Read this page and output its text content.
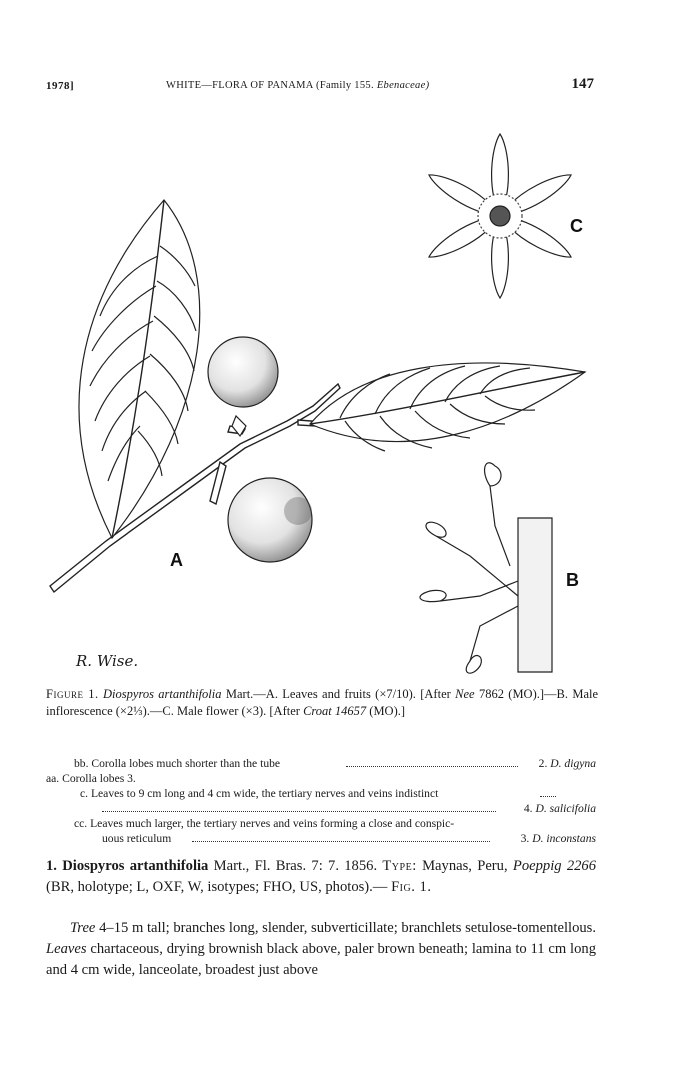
1978]	WHITE—FLORA OF PANAMA (Family 155. Ebenaceae)	147
A
B
C
R. Wise.
Figure 1. Diospyros artanthifolia Mart.—A. Leaves and fruits (×7/10). [After Nee 7862 (MO).]—B. Male inflorescence (×2⅓).—C. Male flower (×3). [After Croat 14657 (MO).]
bb. Corolla lobes much shorter than the tube	2. D. digyna
aa. Corolla lobes 3.
c. Leaves to 9 cm long and 4 cm wide, the tertiary nerves and veins indistinct
4. D. salicifolia
cc. Leaves much larger, the tertiary nerves and veins forming a close and conspic-
uous reticulum	3. D. inconstans
1. Diospyros artanthifolia Mart., Fl. Bras. 7: 7. 1856. Type: Maynas, Peru, Poeppig 2266 (BR, holotype; L, OXF, W, isotypes; FHO, US, photos).— Fig. 1.
Tree 4–15 m tall; branches long, slender, subverticillate; branchlets setulose-tomentellous. Leaves chartaceous, drying brownish black above, paler brown beneath; lamina to 11 cm long and 4 cm wide, lanceolate, broadest just above
